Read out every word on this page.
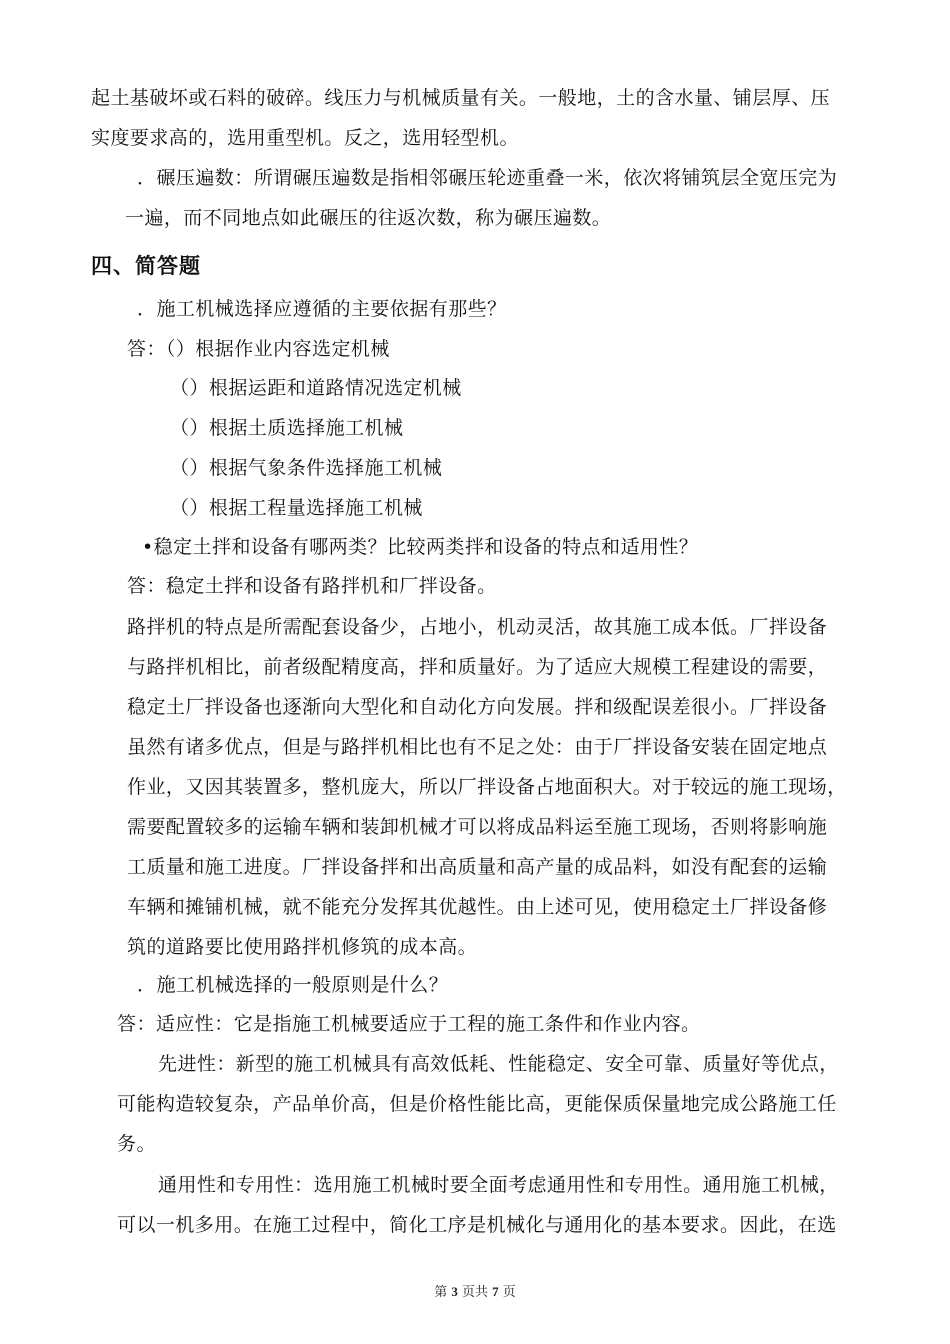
起土基破坏或石料的破碎。线压力与机械质量有关。一般地，土的含水量、铺层厚、压

实度要求高的，选用重型机。反之，选用轻型机。

．碾压遍数：所谓碾压遍数是指相邻碾压轮迹重叠一米，依次将铺筑层全宽压完为

一遍，而不同地点如此碾压的往返次数，称为碾压遍数。

四、简答题

．施工机械选择应遵循的主要依据有那些？

答：（）根据作业内容选定机械

（）根据运距和道路情况选定机械

（）根据土质选择施工机械

（）根据气象条件选择施工机械

（）根据工程量选择施工机械

•稳定土拌和设备有哪两类？比较两类拌和设备的特点和适用性？

答：稳定土拌和设备有路拌机和厂拌设备。

路拌机的特点是所需配套设备少，占地小，机动灵活，故其施工成本低。厂拌设备

与路拌机相比，前者级配精度高，拌和质量好。为了适应大规模工程建设的需要，

稳定土厂拌设备也逐渐向大型化和自动化方向发展。拌和级配误差很小。厂拌设备

虽然有诸多优点，但是与路拌机相比也有不足之处：由于厂拌设备安装在固定地点

作业，又因其装置多，整机庞大，所以厂拌设备占地面积大。对于较远的施工现场，

需要配置较多的运输车辆和装卸机械才可以将成品料运至施工现场，否则将影响施

工质量和施工进度。厂拌设备拌和出高质量和高产量的成品料，如没有配套的运输

车辆和摊铺机械，就不能充分发挥其优越性。由上述可见，使用稳定土厂拌设备修

筑的道路要比使用路拌机修筑的成本高。

．施工机械选择的一般原则是什么？

答：适应性：它是指施工机械要适应于工程的施工条件和作业内容。

先进性：新型的施工机械具有高效低耗、性能稳定、安全可靠、质量好等优点，

可能构造较复杂，产品单价高，但是价格性能比高，更能保质保量地完成公路施工任

务。

通用性和专用性：选用施工机械时要全面考虑通用性和专用性。通用施工机械，

可以一机多用。在施工过程中，简化工序是机械化与通用化的基本要求。因此，在选

第 3 页共 7 页
